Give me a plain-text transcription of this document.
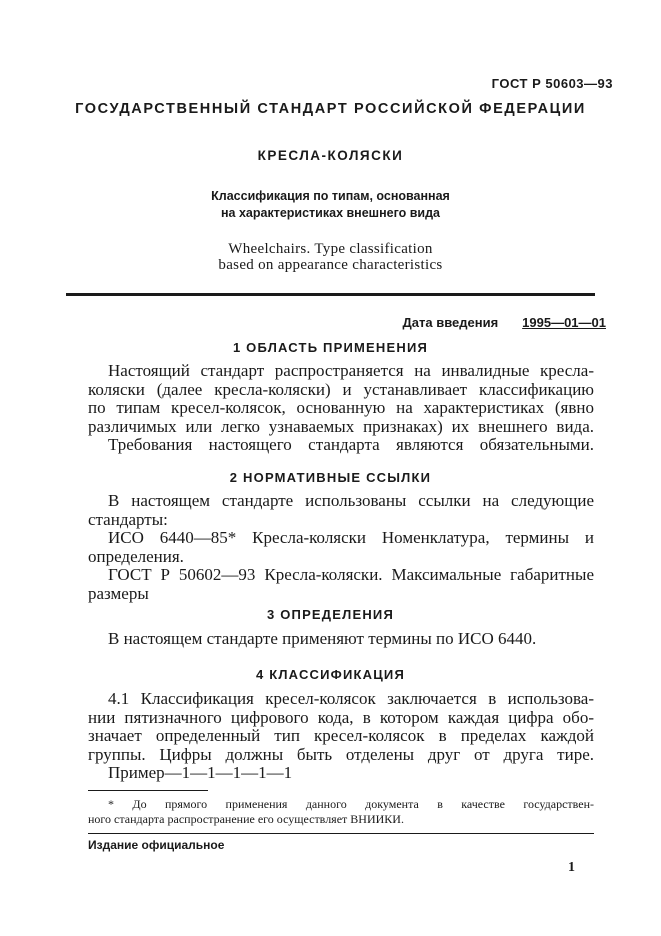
ГОСТ Р 50603—93
ГОСУДАРСТВЕННЫЙ СТАНДАРТ РОССИЙСКОЙ ФЕДЕРАЦИИ
КРЕСЛА-КОЛЯСКИ
Классификация по типам, основанная
на характеристиках внешнего вида
Wheelchairs. Type classification
based on appearance characteristics
Дата введения 1995—01—01
1 ОБЛАСТЬ ПРИМЕНЕНИЯ
Настоящий стандарт распространяется на инвалидные кресла-
коляски (далее кресла-коляски) и устанавливает классификацию
по типам кресел-колясок, основанную на характеристиках (явно
различимых или легко узнаваемых признаках) их внешнего вида.
Требования настоящего стандарта являются обязательными.
2 НОРМАТИВНЫЕ ССЫЛКИ
В настоящем стандарте использованы ссылки на следующие
стандарты:
ИСО 6440—85* Кресла-коляски Номенклатура, термины и
определения.
ГОСТ Р 50602—93 Кресла-коляски. Максимальные габаритные
размеры
3 ОПРЕДЕЛЕНИЯ
В настоящем стандарте применяют термины по ИСО 6440.
4 КЛАССИФИКАЦИЯ
4.1 Классификация кресел-колясок заключается в использова-
нии пятизначного цифрового кода, в котором каждая цифра обо-
значает определенный тип кресел-колясок в пределах каждой
группы. Цифры должны быть отделены друг от друга тире.
Пример—1—1—1—1—1
* До прямого применения данного документа в качестве государствен-
ного стандарта распространение его осуществляет ВНИИКИ.
Издание официальное
1
